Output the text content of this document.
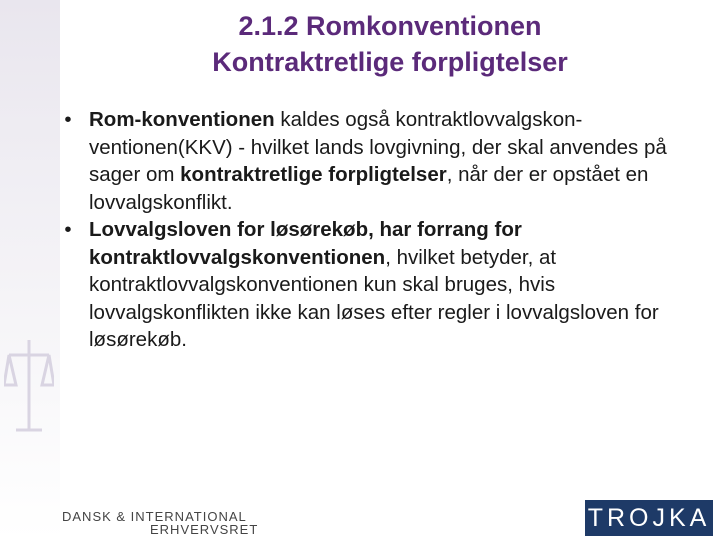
2.1.2 Romkonventionen
Kontraktretlige forpligtelser
• Rom-konventionen kaldes også kontraktlovvalgskon-ventionen(KKV) - hvilket lands lovgivning, der skal anvendes på sager om kontraktretlige forpligtelser, når der er opstået en lovvalgskonflikt.
• Lovvalgsloven for løsørekøb, har forrang for kontraktlovvalgskonventionen, hvilket betyder, at kontraktlovvalgskonventionen kun skal bruges, hvis lovvalgskonflikten ikke kan løses efter regler i lovvalgsloven for løsørekøb.
DANSK & INTERNATIONAL
ERHVERVSRET	TROJKA
